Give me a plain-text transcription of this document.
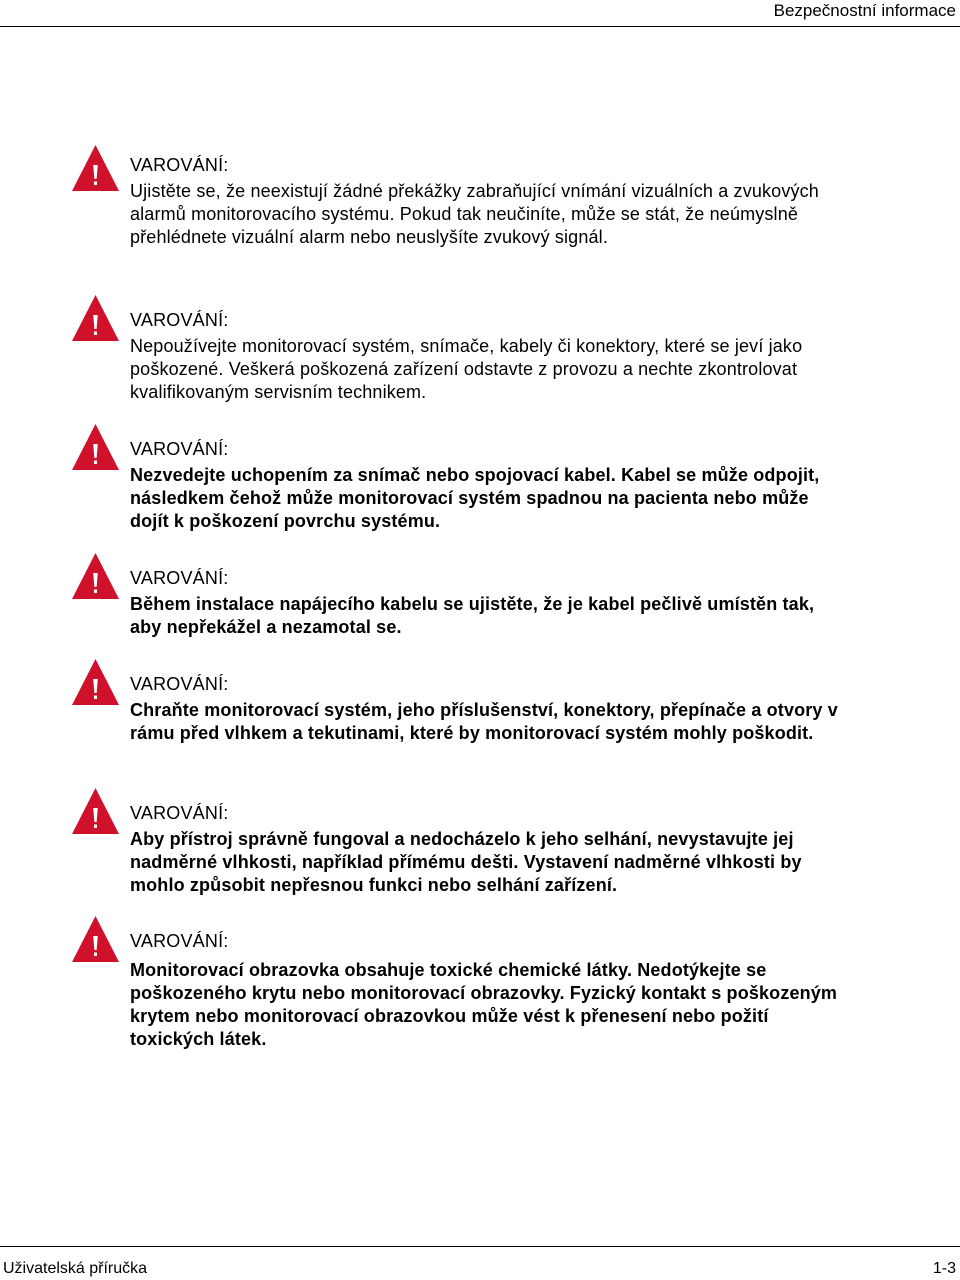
Bezpečnostní informace
VAROVÁNÍ:
Ujistěte se, že neexistují žádné překážky zabraňující vnímání vizuálních a zvukových alarmů monitorovacího systému. Pokud tak neučiníte, může se stát, že neúmyslně přehlédnete vizuální alarm nebo neuslyšíte zvukový signál.
VAROVÁNÍ:
Nepoužívejte monitorovací systém, snímače, kabely či konektory, které se jeví jako poškozené. Veškerá poškozená zařízení odstavte z provozu a nechte zkontrolovat kvalifikovaným servisním technikem.
VAROVÁNÍ:
Nezvedejte uchopením za snímač nebo spojovací kabel. Kabel se může odpojit, následkem čehož může monitorovací systém spadnou na pacienta nebo může dojít k poškození povrchu systému.
VAROVÁNÍ:
Během instalace napájecího kabelu se ujistěte, že je kabel pečlivě umístěn tak, aby nepřekážel a nezamotal se.
VAROVÁNÍ:
Chraňte monitorovací systém, jeho příslušenství, konektory, přepínače a otvory v rámu před vlhkem a tekutinami, které by monitorovací systém mohly poškodit.
VAROVÁNÍ:
Aby přístroj správně fungoval a nedocházelo k jeho selhání, nevystavujte jej nadměrné vlhkosti, například přímému dešti. Vystavení nadměrné vlhkosti by mohlo způsobit nepřesnou funkci nebo selhání zařízení.
VAROVÁNÍ:
Monitorovací obrazovka obsahuje toxické chemické látky. Nedotýkejte se poškozeného krytu nebo monitorovací obrazovky. Fyzický kontakt s poškozeným krytem nebo monitorovací obrazovkou může vést k přenesení nebo požití toxických látek.
Uživatelská příručka	1-3
